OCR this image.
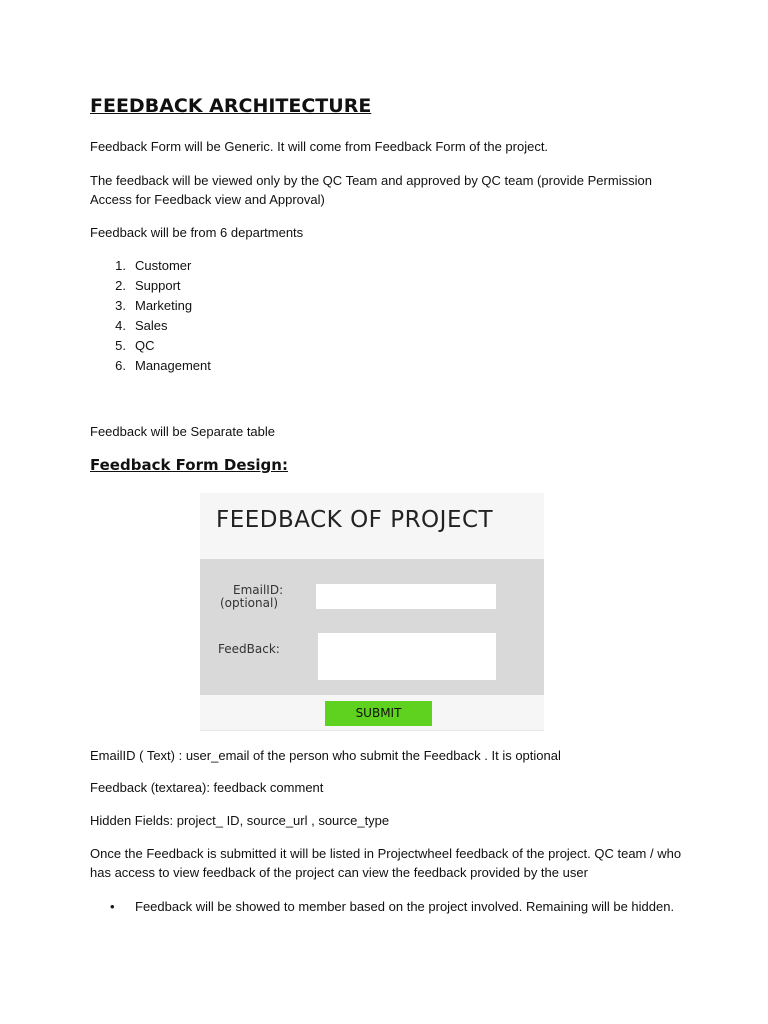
FEEDBACK ARCHITECTURE
Feedback Form will be Generic. It will come from Feedback Form of the project.
The feedback will be viewed only by the QC Team and approved by QC team (provide Permission Access for Feedback view and Approval)
Feedback will be from 6 departments
1. Customer
2. Support
3. Marketing
4. Sales
5. QC
6. Management
Feedback will be Separate table
Feedback Form Design:
FEEDBACK OF PROJECT
EmailID:
(optional)
FeedBack:
SUBMIT
EmailID ( Text) : user_email of the person who submit the Feedback . It is optional
Feedback (textarea): feedback comment
Hidden Fields: project_ ID, source_url , source_type
Once the Feedback is submitted it will be listed in Projectwheel feedback of the project. QC team / who has access to view feedback of the project can view the feedback provided by the user
• Feedback will be showed to member based on the project involved. Remaining will be hidden.
